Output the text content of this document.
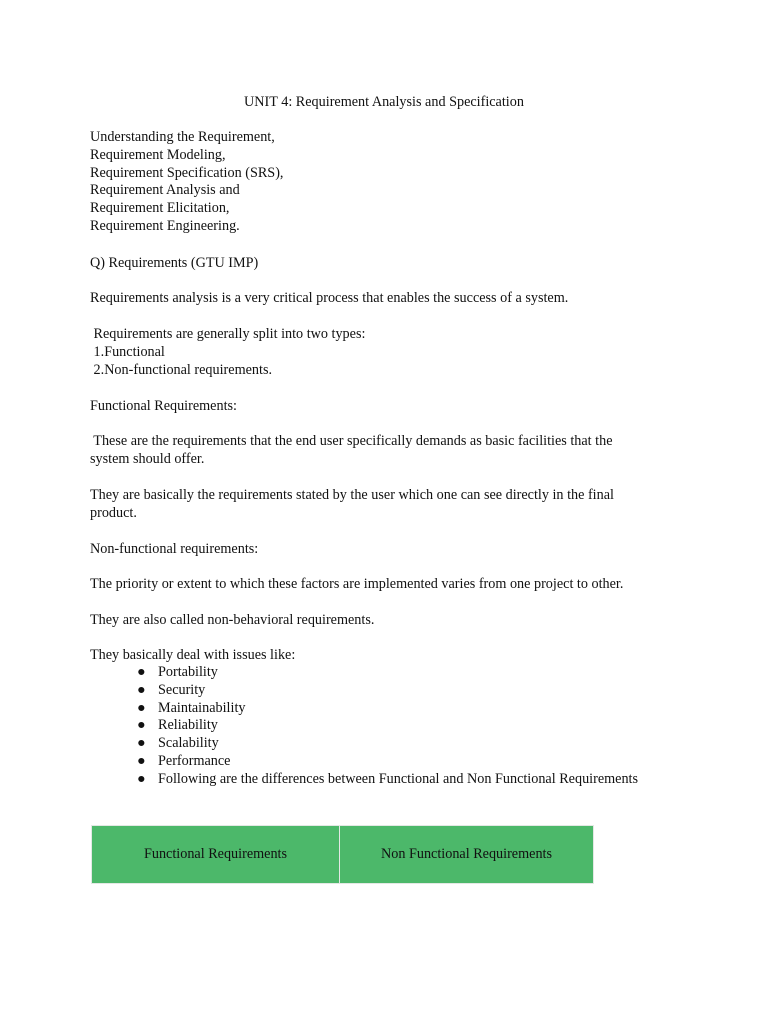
UNIT 4: Requirement Analysis and Specification
Understanding the Requirement,
Requirement Modeling,
Requirement Specification (SRS),
Requirement Analysis and
Requirement Elicitation,
Requirement Engineering.
Q) Requirements (GTU IMP)
Requirements analysis is a very critical process that enables the success of a system.
Requirements are generally split into two types:
1.Functional
2.Non-functional requirements.
Functional Requirements:
These are the requirements that the end user specifically demands as basic facilities that the
system should offer.
They are basically the requirements stated by the user which one can see directly in the final
product.
Non-functional requirements:
The priority or extent to which these factors are implemented varies from one project to other.
They are also called non-behavioral requirements.
They basically deal with issues like:
● Portability
● Security
● Maintainability
● Reliability
● Scalability
● Performance
● Following are the differences between Functional and Non Functional Requirements
Functional Requirements	Non Functional Requirements
